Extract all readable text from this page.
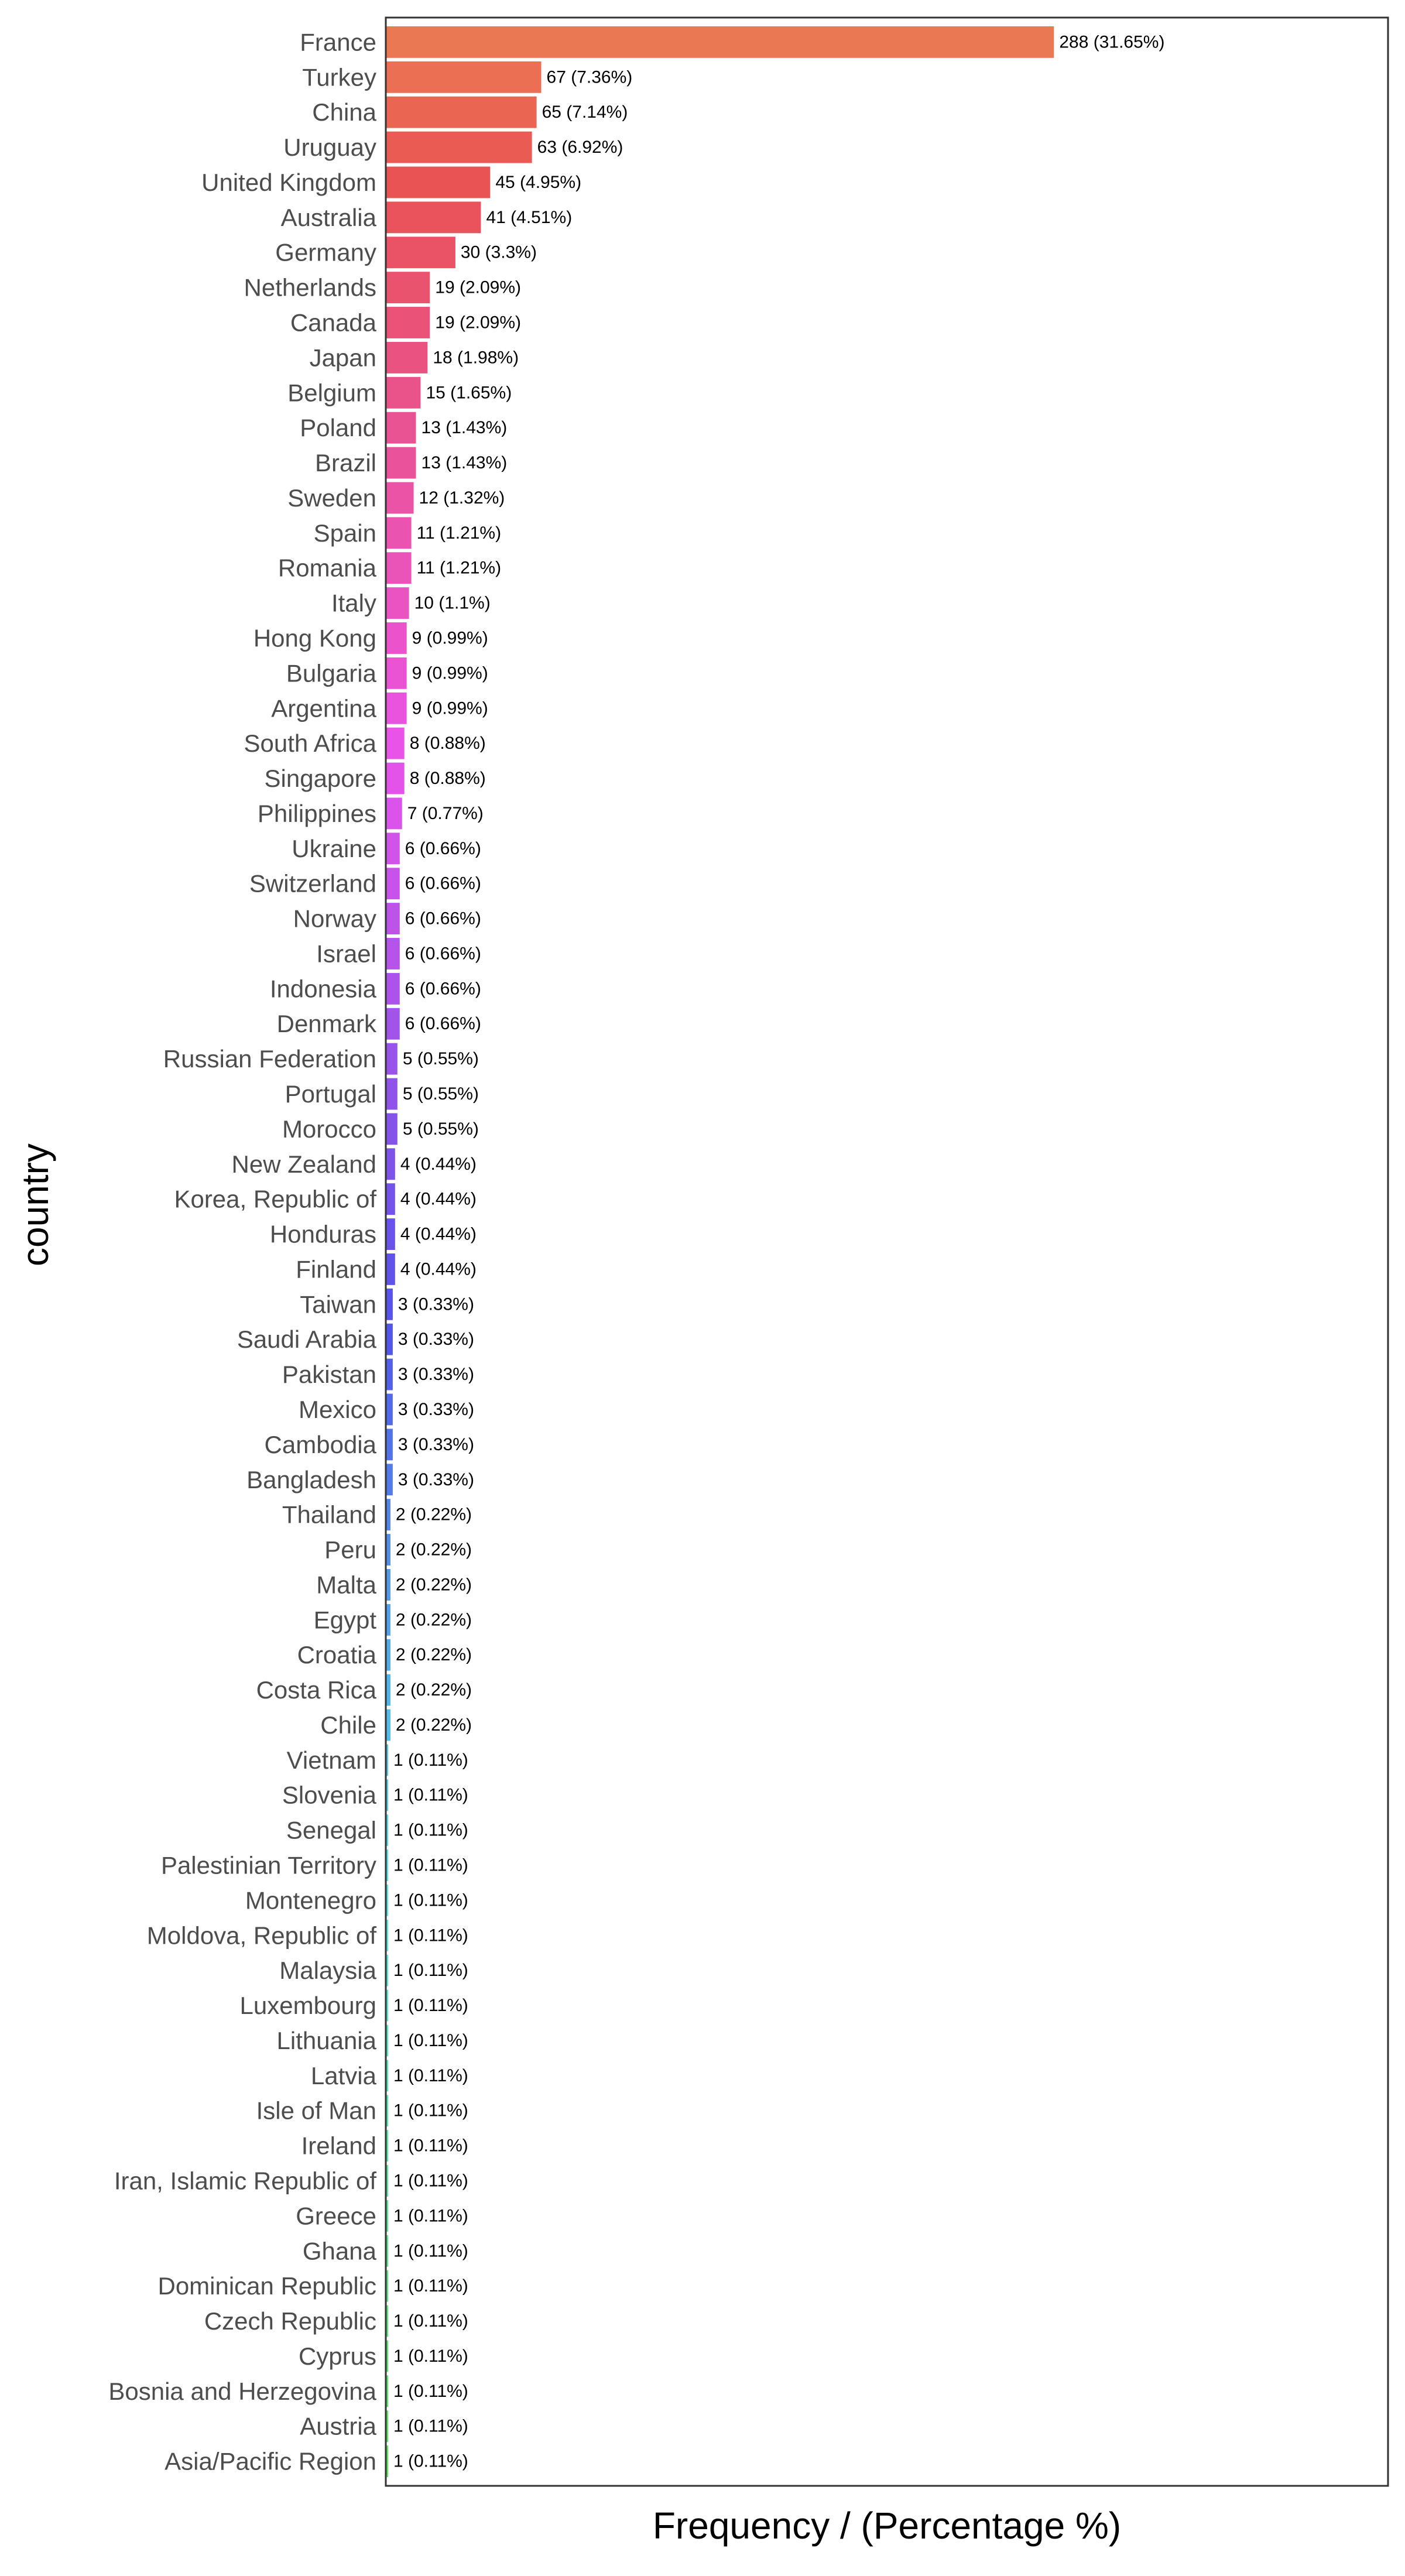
France
Turkey
China
Uruguay
United Kingdom
Australia
Germany
Netherlands
Canada
Japan
Belgium
Poland
Brazil
Sweden
Spain
Romania
Italy
Hong Kong
Bulgaria
Argentina
South Africa
Singapore
Philippines
Ukraine
Switzerland
Norway
Israel
Indonesia
Denmark
Russian Federation
Portugal
Morocco
New Zealand
Korea, Republic of
Honduras
Finland
Taiwan
Saudi Arabia
Pakistan
Mexico
Cambodia
Bangladesh
Thailand
Peru
Malta
Egypt
Croatia
Costa Rica
Chile
Vietnam
Slovenia
Senegal
Palestinian Territory
Montenegro
Moldova, Republic of
Malaysia
Luxembourg
Lithuania
Latvia
Isle of Man
Ireland
Iran, Islamic Republic of
Greece
Ghana
Dominican Republic
Czech Republic
Cyprus
Bosnia and Herzegovina
Austria
Asia/Pacific Region
288 (31.65%)
67 (7.36%)
65 (7.14%)
63 (6.92%)
45 (4.95%)
41 (4.51%)
30 (3.3%)
19 (2.09%)
19 (2.09%)
18 (1.98%)
15 (1.65%)
13 (1.43%)
13 (1.43%)
12 (1.32%)
11 (1.21%)
11 (1.21%)
10 (1.1%)
9 (0.99%)
9 (0.99%)
9 (0.99%)
8 (0.88%)
8 (0.88%)
7 (0.77%)
6 (0.66%)
6 (0.66%)
6 (0.66%)
6 (0.66%)
6 (0.66%)
6 (0.66%)
5 (0.55%)
5 (0.55%)
5 (0.55%)
4 (0.44%)
4 (0.44%)
4 (0.44%)
4 (0.44%)
3 (0.33%)
3 (0.33%)
3 (0.33%)
3 (0.33%)
3 (0.33%)
3 (0.33%)
2 (0.22%)
2 (0.22%)
2 (0.22%)
2 (0.22%)
2 (0.22%)
2 (0.22%)
2 (0.22%)
1 (0.11%)
1 (0.11%)
1 (0.11%)
1 (0.11%)
1 (0.11%)
1 (0.11%)
1 (0.11%)
1 (0.11%)
1 (0.11%)
1 (0.11%)
1 (0.11%)
1 (0.11%)
1 (0.11%)
1 (0.11%)
1 (0.11%)
1 (0.11%)
1 (0.11%)
1 (0.11%)
1 (0.11%)
1 (0.11%)
1 (0.11%)
Frequency / (Percentage %)
country
